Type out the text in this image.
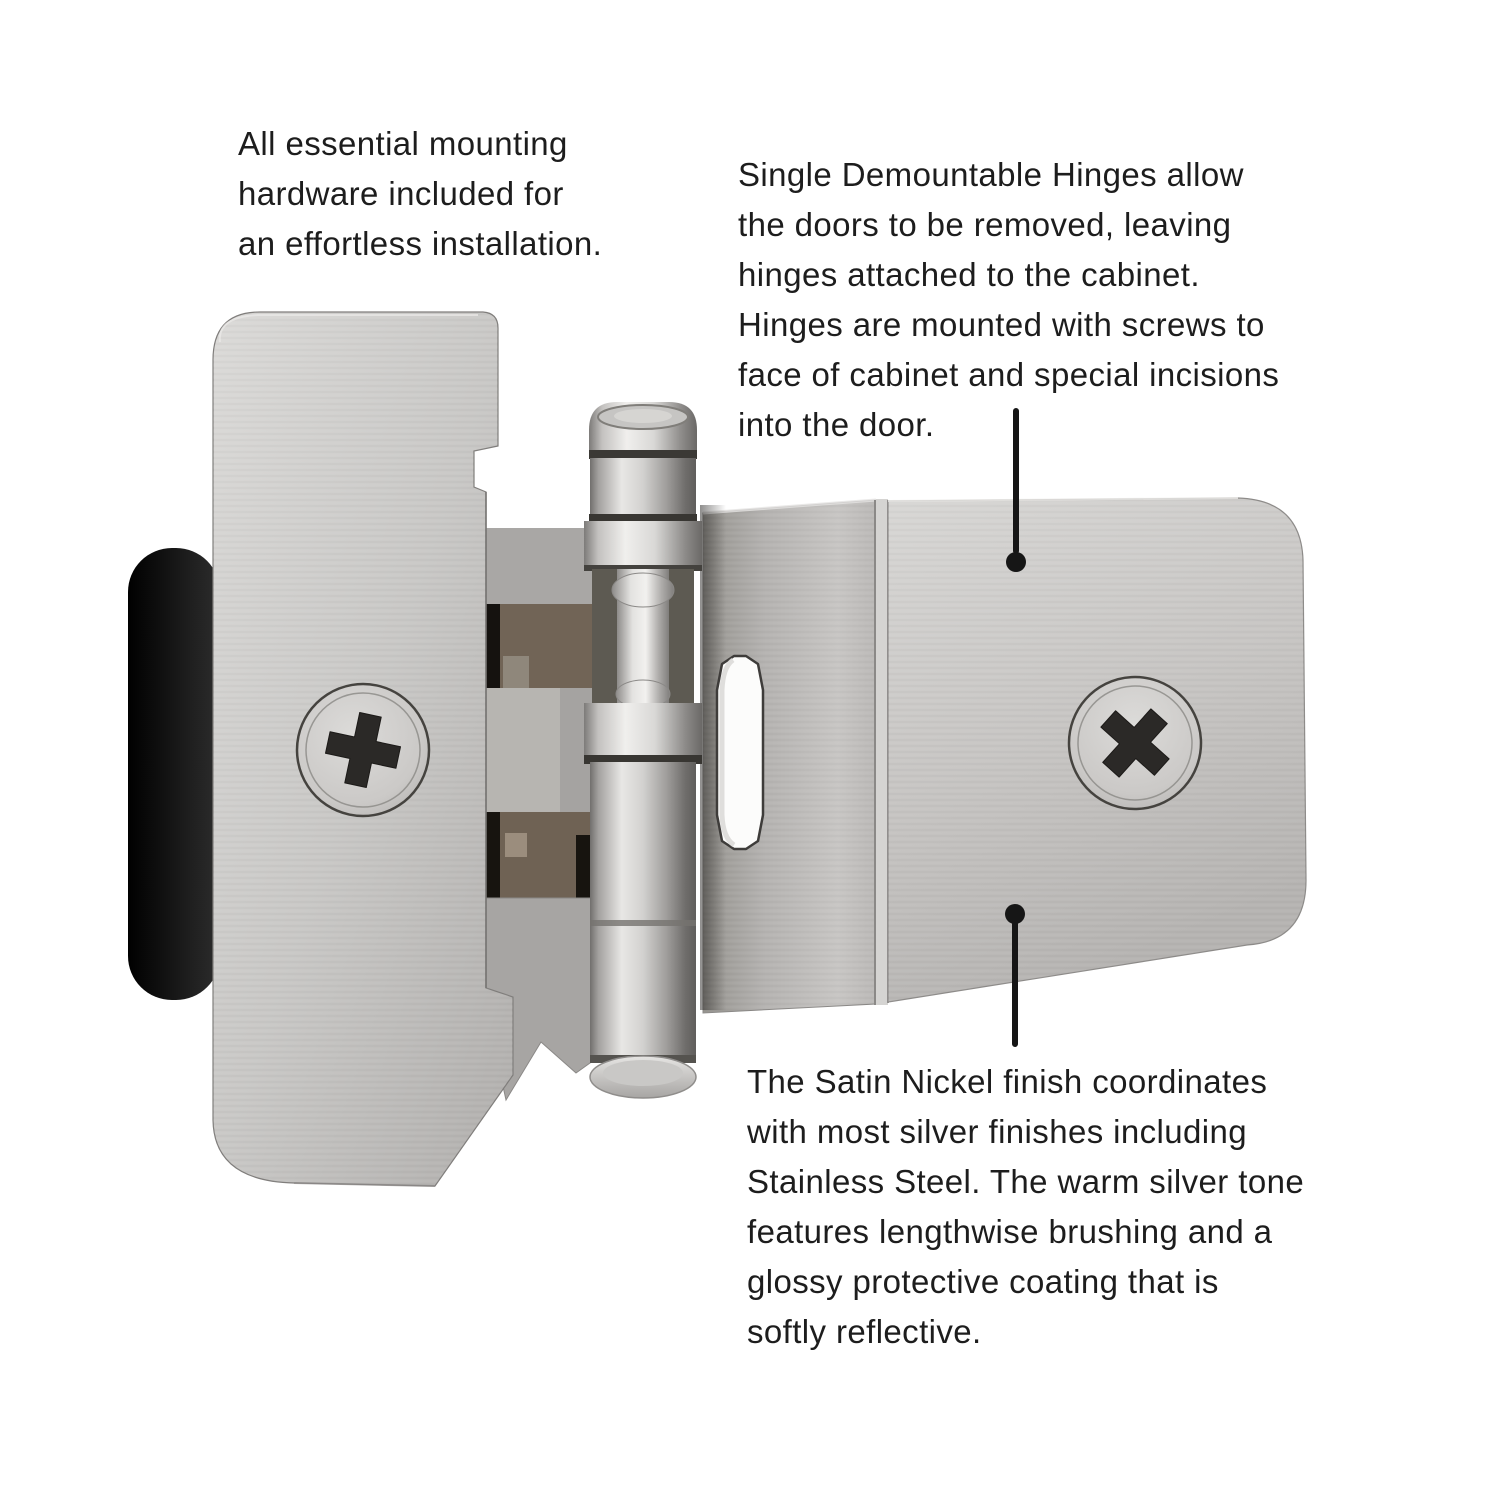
All essential mounting
hardware included for
an effortless installation.
Single Demountable Hinges allow
the doors to be removed, leaving
hinges attached to the cabinet.
Hinges are mounted with screws to
face of cabinet and special incisions
into the door.
The Satin Nickel finish coordinates
with most silver finishes including
Stainless Steel. The warm silver tone
features lengthwise brushing and a
glossy protective coating that is
softly reflective.
